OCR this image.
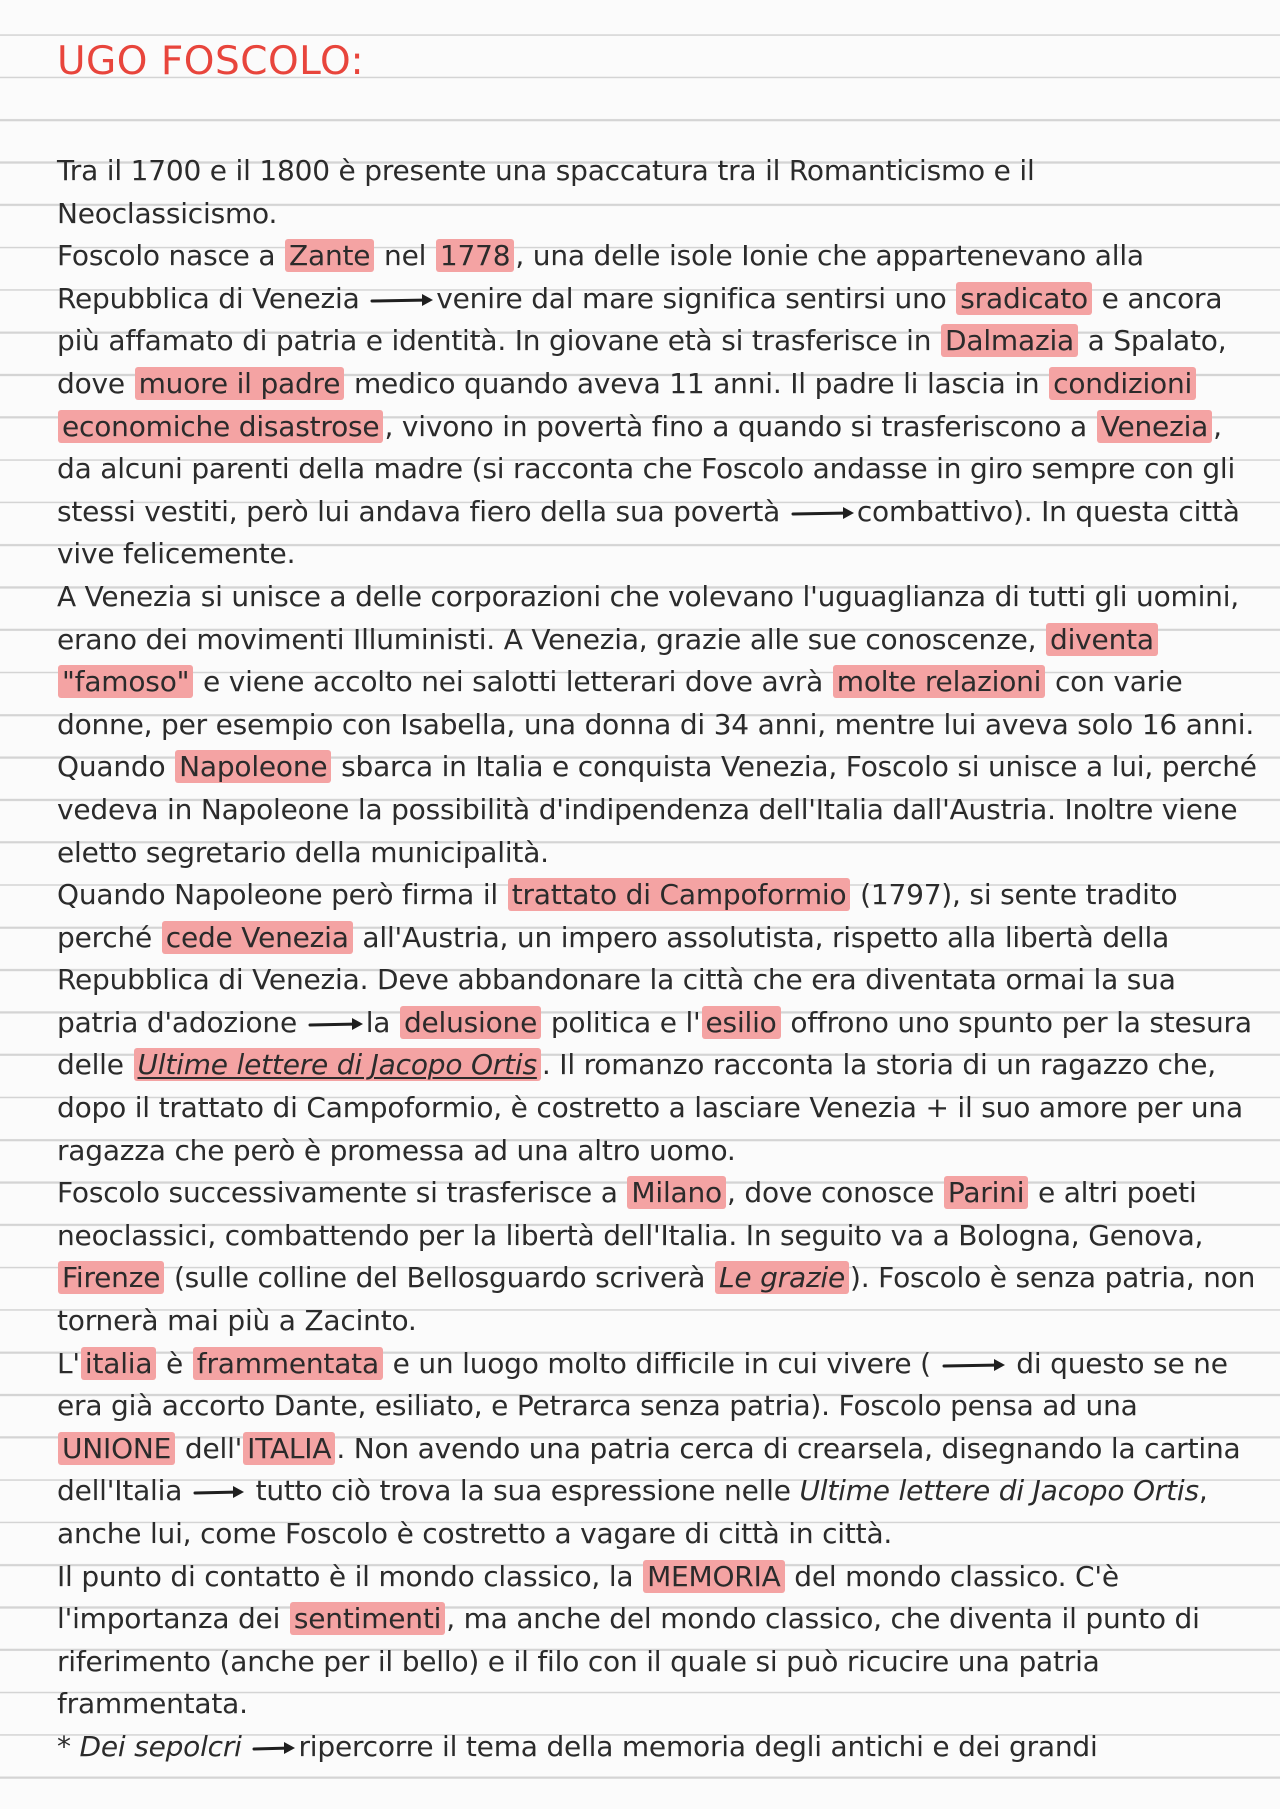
UGO FOSCOLO:

Tra il 1700 e il 1800 è presente una spaccatura tra il Romanticismo e il Neoclassicismo.

Foscolo nasce a Zante nel 1778 , una delle isole Ionie che appartenevano alla Repubblica di Venezia
venire dal mare significa sentirsi uno sradicato e ancora più affamato di patria e identità. In giovane età si trasferisce in Dalmazia a Spalato, dove muore il padre medico quando aveva 11 anni. Il padre li lascia in condizioni economiche disastrose , vivono in povertà fino a quando si trasferiscono a Venezia , da alcuni parenti della madre (si racconta che Foscolo andasse in giro sempre con gli stessi vestiti, però lui andava fiero della sua povertà
combattivo). In questa città vive felicemente.

A Venezia si unisce a delle corporazioni che volevano l'uguaglianza di tutti gli uomini, erano dei movimenti Illuministi. A Venezia, grazie alle sue conoscenze, diventa "famoso" e viene accolto nei salotti letterari dove avrà molte relazioni con varie donne, per esempio con Isabella, una donna di 34 anni, mentre lui aveva solo 16 anni.

Quando Napoleone sbarca in Italia e conquista Venezia, Foscolo si unisce a lui, perché vedeva in Napoleone la possibilità d'indipendenza dell'Italia dall'Austria. Inoltre viene eletto segretario della municipalità.

Quando Napoleone però firma il trattato di Campoformio (1797), si sente tradito perché cede Venezia all'Austria, un impero assolutista, rispetto alla libertà della Repubblica di Venezia. Deve abbandonare la città che era diventata ormai la sua patria d'adozione
la delusione politica e l' esilio offrono uno spunto per la stesura delle Ultime lettere di Jacopo Ortis . Il romanzo racconta la storia di un ragazzo che, dopo il trattato di Campoformio, è costretto a lasciare Venezia + il suo amore per una ragazza che però è promessa ad una altro uomo.

Foscolo successivamente si trasferisce a Milano , dove conosce Parini e altri poeti neoclassici, combattendo per la libertà dell'Italia. In seguito va a Bologna, Genova, Firenze (sulle colline del Bellosguardo scriverà Le grazie ). Foscolo è senza patria, non tornerà mai più a Zacinto.

L' italia è frammentata e un luogo molto difficile in cui vivere (
di questo se ne era già accorto Dante, esiliato, e Petrarca senza patria). Foscolo pensa ad una UNIONE dell' ITALIA . Non avendo una patria cerca di crearsela, disegnando la cartina dell'Italia
tutto ciò trova la sua espressione nelle Ultime lettere di Jacopo Ortis, anche lui, come Foscolo è costretto a vagare di città in città.

Il punto di contatto è il mondo classico, la MEMORIA del mondo classico. C'è l'importanza dei sentimenti , ma anche del mondo classico, che diventa il punto di riferimento (anche per il bello) e il filo con il quale si può ricucire una patria frammentata.

* Dei sepolcri ripercorre il tema della memoria degli antichi e dei grandi
